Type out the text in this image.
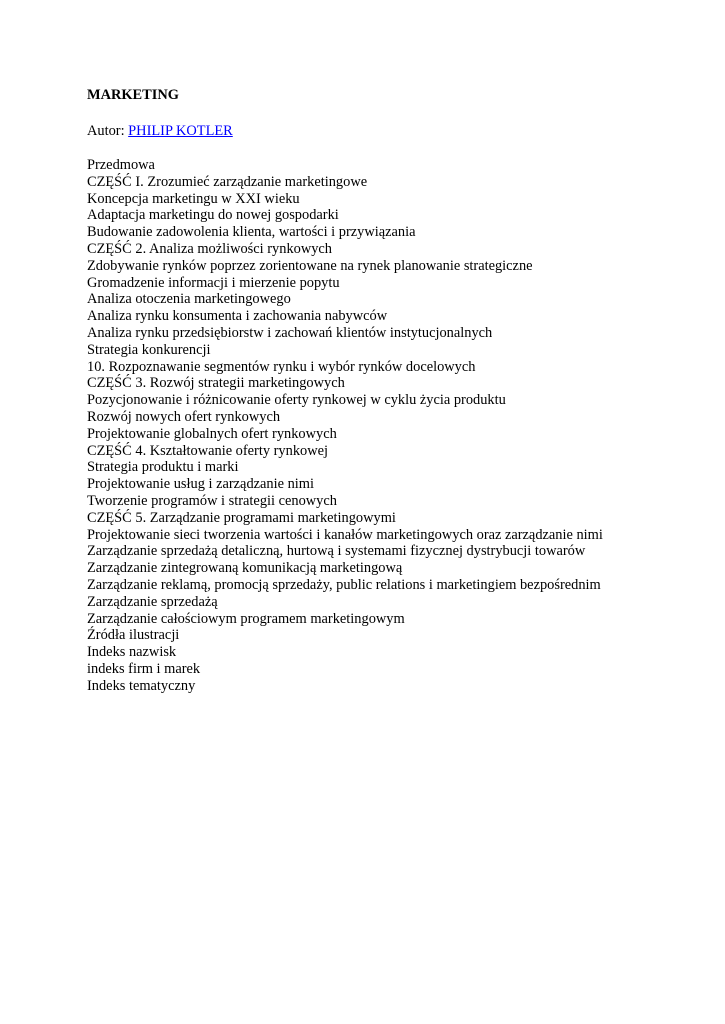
MARKETING
Autor: PHILIP KOTLER
Przedmowa
CZĘŚĆ I. Zrozumieć zarządzanie marketingowe
Koncepcja marketingu w XXI wieku
Adaptacja marketingu do nowej gospodarki
Budowanie zadowolenia klienta, wartości i przywiązania
CZĘŚĆ 2. Analiza możliwości rynkowych
Zdobywanie rynków poprzez zorientowane na rynek planowanie strategiczne
Gromadzenie informacji i mierzenie popytu
Analiza otoczenia marketingowego
Analiza rynku konsumenta i zachowania nabywców
Analiza rynku przedsiębiorstw i zachowań klientów instytucjonalnych
Strategia konkurencji
10. Rozpoznawanie segmentów rynku i wybór rynków docelowych
CZĘŚĆ 3. Rozwój strategii marketingowych
Pozycjonowanie i różnicowanie oferty rynkowej w cyklu życia produktu
Rozwój nowych ofert rynkowych
Projektowanie globalnych ofert rynkowych
CZĘŚĆ 4. Kształtowanie oferty rynkowej
Strategia produktu i marki
Projektowanie usług i zarządzanie nimi
Tworzenie programów i strategii cenowych
CZĘŚĆ 5. Zarządzanie programami marketingowymi
Projektowanie sieci tworzenia wartości i kanałów marketingowych oraz zarządzanie nimi
Zarządzanie sprzedażą detaliczną, hurtową i systemami fizycznej dystrybucji towarów
Zarządzanie zintegrowaną komunikacją marketingową
Zarządzanie reklamą, promocją sprzedaży, public relations i marketingiem bezpośrednim
Zarządzanie sprzedażą
Zarządzanie całościowym programem marketingowym
Źródła ilustracji
Indeks nazwisk
indeks firm i marek
Indeks tematyczny
